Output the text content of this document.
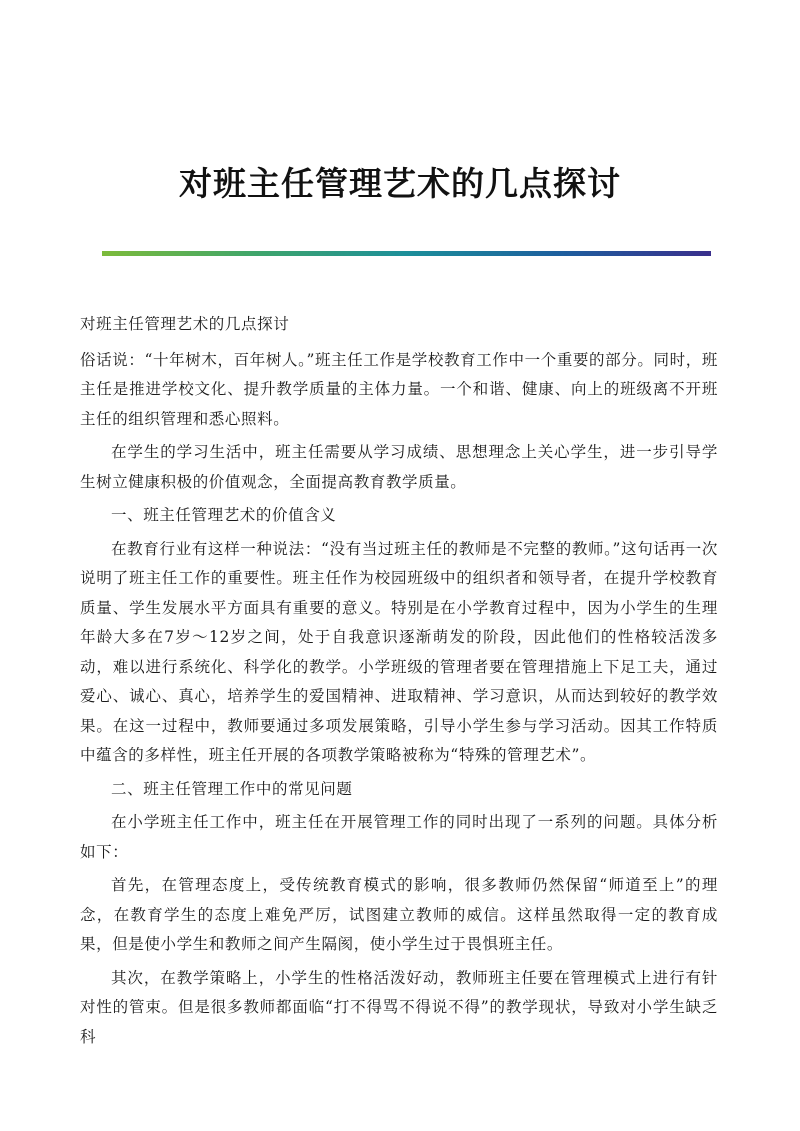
对班主任管理艺术的几点探讨

对班主任管理艺术的几点探讨

俗话说：“十年树木，百年树人。”班主任工作是学校教育工作中一个重要的部分。同时，班主任是推进学校文化、提升教学质量的主体力量。一个和谐、健康、向上的班级离不开班主任的组织管理和悉心照料。

在学生的学习生活中，班主任需要从学习成绩、思想理念上关心学生，进一步引导学生树立健康积极的价值观念，全面提高教育教学质量。

一、班主任管理艺术的价值含义

在教育行业有这样一种说法：“没有当过班主任的教师是不完整的教师。”这句话再一次说明了班主任工作的重要性。班主任作为校园班级中的组织者和领导者，在提升学校教育质量、学生发展水平方面具有重要的意义。特别是在小学教育过程中，因为小学生的生理年龄大多在7岁～12岁之间，处于自我意识逐渐萌发的阶段，因此他们的性格较活泼多动，难以进行系统化、科学化的教学。小学班级的管理者要在管理措施上下足工夫，通过爱心、诚心、真心，培养学生的爱国精神、进取精神、学习意识，从而达到较好的教学效果。在这一过程中，教师要通过多项发展策略，引导小学生参与学习活动。因其工作特质中蕴含的多样性，班主任开展的各项教学策略被称为“特殊的管理艺术”。

二、班主任管理工作中的常见问题

在小学班主任工作中，班主任在开展管理工作的同时出现了一系列的问题。具体分析如下：

首先，在管理态度上，受传统教育模式的影响，很多教师仍然保留“师道至上”的理念，在教育学生的态度上难免严厉，试图建立教师的威信。这样虽然取得一定的教育成果，但是使小学生和教师之间产生隔阂，使小学生过于畏惧班主任。

其次，在教学策略上，小学生的性格活泼好动，教师班主任要在管理模式上进行有针对性的管束。但是很多教师都面临“打不得骂不得说不得”的教学现状，导致对小学生缺乏科
